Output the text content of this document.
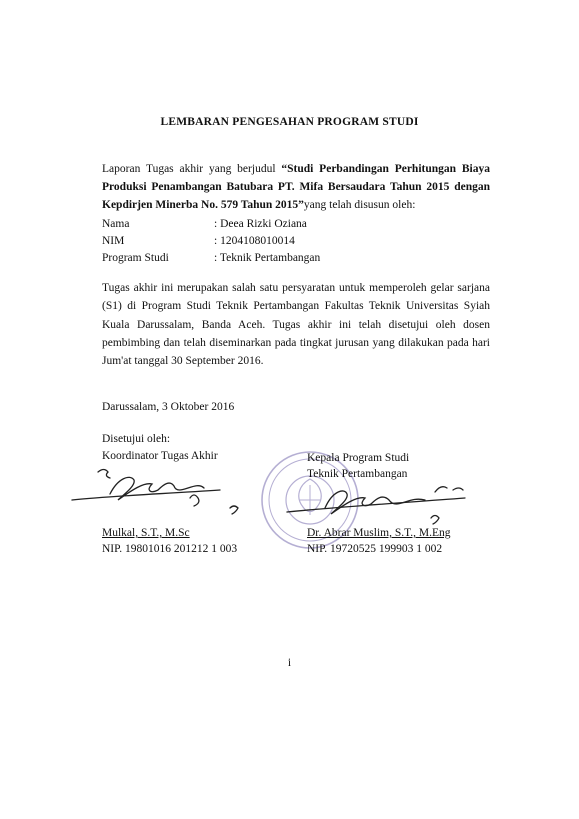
LEMBARAN PENGESAHAN PROGRAM STUDI
Laporan Tugas akhir yang berjudul “Studi Perbandingan Perhitungan Biaya Produksi Penambangan Batubara PT. Mifa Bersaudara Tahun 2015 dengan Kepdirjen Minerba No. 579 Tahun 2015”yang telah disusun oleh:
Nama	: Deea Rizki Oziana
NIM	: 1204108010014
Program Studi	: Teknik Pertambangan
Tugas akhir ini merupakan salah satu persyaratan untuk memperoleh gelar sarjana (S1) di Program Studi Teknik Pertambangan Fakultas Teknik Universitas Syiah Kuala Darussalam, Banda Aceh. Tugas akhir ini telah disetujui oleh dosen pembimbing dan telah diseminarkan pada tingkat jurusan yang dilakukan pada hari Jum'at tanggal 30 September 2016.
Darussalam, 3 Oktober 2016
Disetujui oleh:
Koordinator Tugas Akhir	Kepala Program Studi
Teknik Pertambangan
Mulkal, S.T., M.Sc
NIP. 19801016 201212 1 003
Dr. Abrar Muslim, S.T., M.Eng
NIP. 19720525 199903 1 002
i
